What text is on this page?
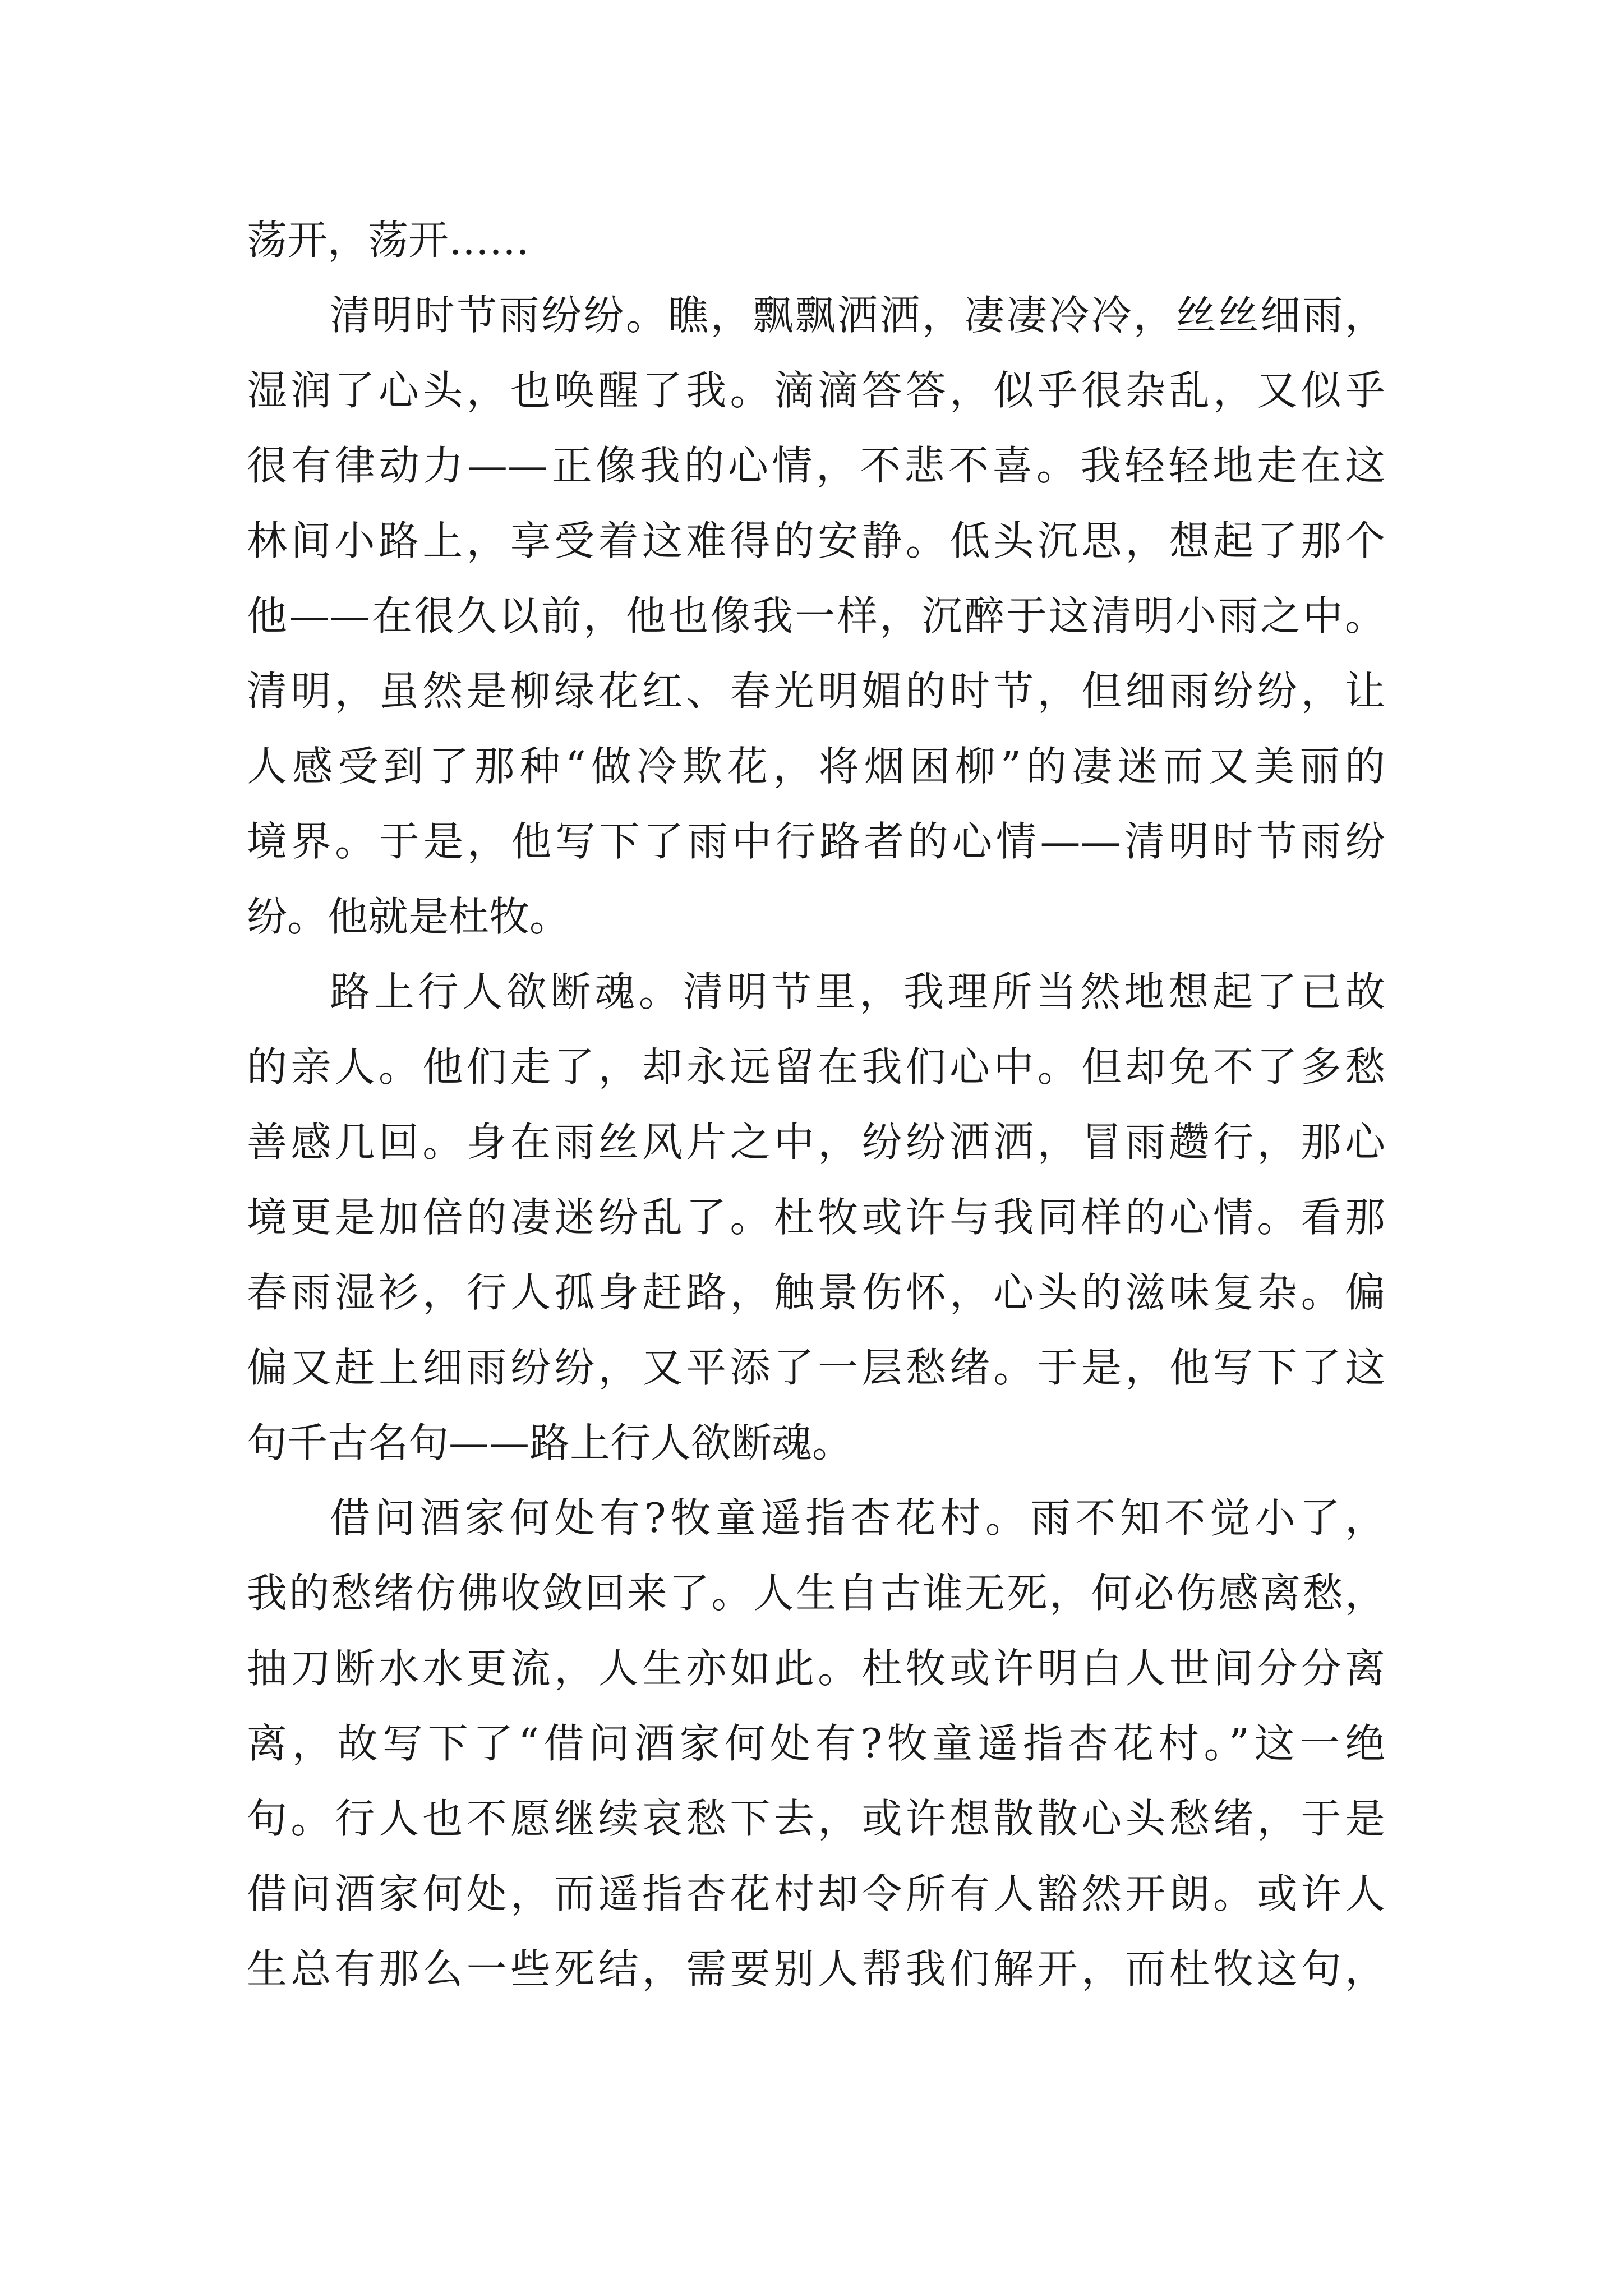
荡开，荡开……
清明时节雨纷纷。瞧，飘飘洒洒，凄凄冷冷，丝丝细雨，
湿润了心头，也唤醒了我。滴滴答答，似乎很杂乱，又似乎
很有律动力——正像我的心情，不悲不喜。我轻轻地走在这
林间小路上，享受着这难得的安静。低头沉思，想起了那个
他——在很久以前，他也像我一样，沉醉于这清明小雨之中。
清明，虽然是柳绿花红、春光明媚的时节，但细雨纷纷，让
人感受到了那种“做冷欺花，将烟困柳”的凄迷而又美丽的
境界。于是，他写下了雨中行路者的心情——清明时节雨纷
纷。他就是杜牧。
路上行人欲断魂。清明节里，我理所当然地想起了已故
的亲人。他们走了，却永远留在我们心中。但却免不了多愁
善感几回。身在雨丝风片之中，纷纷洒洒，冒雨趱行，那心
境更是加倍的凄迷纷乱了。杜牧或许与我同样的心情。看那
春雨湿衫，行人孤身赶路，触景伤怀，心头的滋味复杂。偏
偏又赶上细雨纷纷，又平添了一层愁绪。于是，他写下了这
句千古名句——路上行人欲断魂。
借问酒家何处有?牧童遥指杏花村。雨不知不觉小了，
我的愁绪仿佛收敛回来了。人生自古谁无死，何必伤感离愁，
抽刀断水水更流，人生亦如此。杜牧或许明白人世间分分离
离，故写下了“借问酒家何处有?牧童遥指杏花村。”这一绝
句。行人也不愿继续哀愁下去，或许想散散心头愁绪，于是
借问酒家何处，而遥指杏花村却令所有人豁然开朗。或许人
生总有那么一些死结，需要别人帮我们解开，而杜牧这句，
